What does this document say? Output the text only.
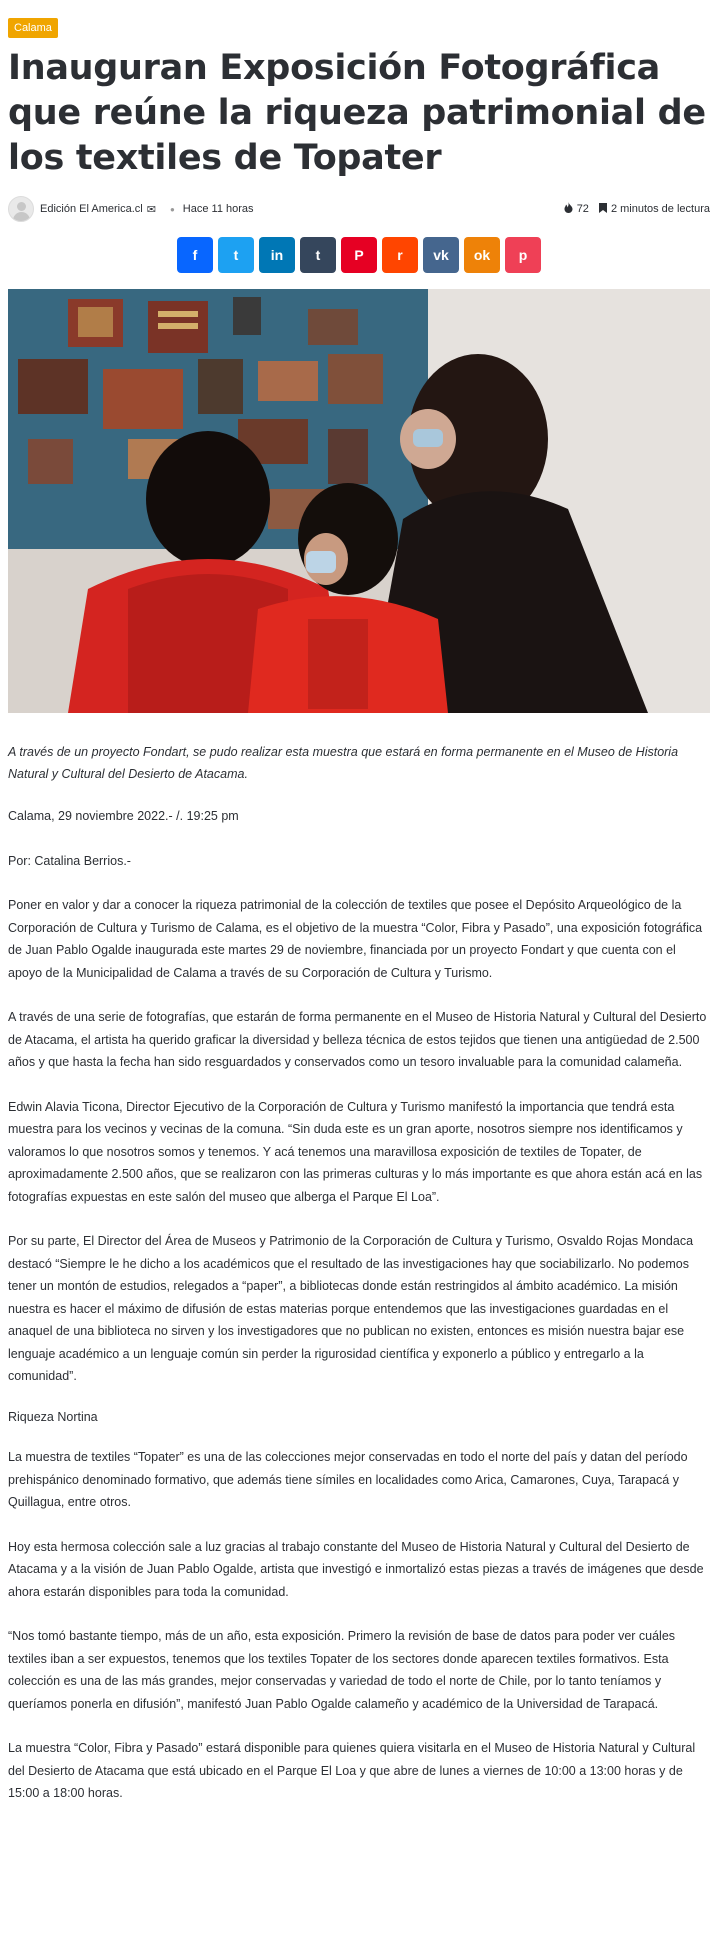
Calama
Inauguran Exposición Fotográfica que reúne la riqueza patrimonial de los textiles de Topater
Edición El America.cl ✉ ● Hace 11 horas	72 2 minutos de lectura
f	t in t P r vk ok p

A través de un proyecto Fondart, se pudo realizar esta muestra que estará en forma permanente en el Museo de Historia Natural y Cultural del Desierto de Atacama.

Calama, 29 noviembre 2022.- /. 19:25 pm

Por: Catalina Berrios.-

Poner en valor y dar a conocer la riqueza patrimonial de la colección de textiles que posee el Depósito Arqueológico de la Corporación de Cultura y Turismo de Calama, es el objetivo de la muestra “Color, Fibra y Pasado”, una exposición fotográfica de Juan Pablo Ogalde inaugurada este martes 29 de noviembre, financiada por un proyecto Fondart y que cuenta con el apoyo de la Municipalidad de Calama a través de su Corporación de Cultura y Turismo.

A través de una serie de fotografías, que estarán de forma permanente en el Museo de Historia Natural y Cultural del Desierto de Atacama, el artista ha querido graficar la diversidad y belleza técnica de estos tejidos que tienen una antigüedad de 2.500 años y que hasta la fecha han sido resguardados y conservados como un tesoro invaluable para la comunidad calameña.

Edwin Alavia Ticona, Director Ejecutivo de la Corporación de Cultura y Turismo manifestó la importancia que tendrá esta muestra para los vecinos y vecinas de la comuna. “Sin duda este es un gran aporte, nosotros siempre nos identificamos y valoramos lo que nosotros somos y tenemos. Y acá tenemos una maravillosa exposición de textiles de Topater, de aproximadamente 2.500 años, que se realizaron con las primeras culturas y lo más importante es que ahora están acá en las fotografías expuestas en este salón del museo que alberga el Parque El Loa”.

Por su parte, El Director del Área de Museos y Patrimonio de la Corporación de Cultura y Turismo, Osvaldo Rojas Mondaca destacó “Siempre le he dicho a los académicos que el resultado de las investigaciones hay que sociabilizarlo. No podemos tener un montón de estudios, relegados a “paper”, a bibliotecas donde están restringidos al ámbito académico. La misión nuestra es hacer el máximo de difusión de estas materias porque entendemos que las investigaciones guardadas en el anaquel de una biblioteca no sirven y los investigadores que no publican no existen, entonces es misión nuestra bajar ese lenguaje académico a un lenguaje común sin perder la rigurosidad científica y exponerlo a público y entregarlo a la comunidad”.

Riqueza Nortina

La muestra de textiles “Topater” es una de las colecciones mejor conservadas en todo el norte del país y datan del período prehispánico denominado formativo, que además tiene símiles en localidades como Arica, Camarones, Cuya, Tarapacá y Quillagua, entre otros.

Hoy esta hermosa colección sale a luz gracias al trabajo constante del Museo de Historia Natural y Cultural del Desierto de Atacama y a la visión de Juan Pablo Ogalde, artista que investigó e inmortalizó estas piezas a través de imágenes que desde ahora estarán disponibles para toda la comunidad.

“Nos tomó bastante tiempo, más de un año, esta exposición. Primero la revisión de base de datos para poder ver cuáles textiles iban a ser expuestos, tenemos que los textiles Topater de los sectores donde aparecen textiles formativos. Esta colección es una de las más grandes, mejor conservadas y variedad de todo el norte de Chile, por lo tanto teníamos y queríamos ponerla en difusión”, manifestó Juan Pablo Ogalde calameño y académico de la Universidad de Tarapacá.

La muestra “Color, Fibra y Pasado” estará disponible para quienes quiera visitarla en el Museo de Historia Natural y Cultural del Desierto de Atacama que está ubicado en el Parque El Loa y que abre de lunes a viernes de 10:00 a 13:00 horas y de 15:00 a 18:00 horas.
